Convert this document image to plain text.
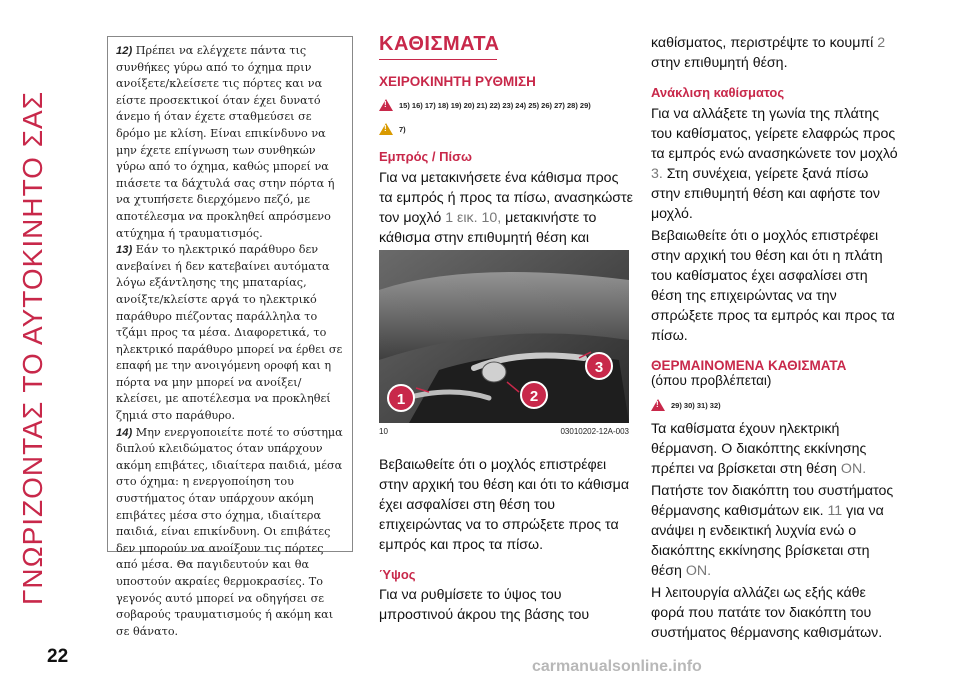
ΓΝΩΡΙΖΟΝΤΑΣ ΤΟ ΑΥΤΟΚΙΝΗΤΟ ΣΑΣ
22	carmanualsonline.info

12) Πρέπει να ελέγχετε πάντα τις συνθήκες γύρω από το όχημα πριν ανοίξετε/κλείσετε τις πόρτες και να είστε προσεκτικοί όταν έχει δυνατό άνεμο ή όταν έχετε σταθμεύσει σε δρόμο με κλίση. Είναι επικίνδυνο να μην έχετε επίγνωση των συνθηκών γύρω από το όχημα, καθώς μπορεί να πιάσετε τα δάχτυλά σας στην πόρτα ή να χτυπήσετε διερχόμενο πεζό, με αποτέλεσμα να προκληθεί απρόσμενο ατύχημα ή τραυματισμός.

13) Εάν το ηλεκτρικό παράθυρο δεν ανεβαίνει ή δεν κατεβαίνει αυτόματα λόγω εξάντλησης της μπαταρίας, ανοίξτε/κλείστε αργά το ηλεκτρικό παράθυρο πιέζοντας παράλληλα το τζάμι προς τα μέσα. Διαφορετικά, το ηλεκτρικό παράθυρο μπορεί να έρθει σε επαφή με την ανοιγόμενη οροφή και η πόρτα να μην μπορεί να ανοίξει/κλείσει, με αποτέλεσμα να προκληθεί ζημιά στο παράθυρο.

14) Μην ενεργοποιείτε ποτέ το σύστημα διπλού κλειδώματος όταν υπάρχουν ακόμη επιβάτες, ιδιαίτερα παιδιά, μέσα στο όχημα: η ενεργοποίηση του συστήματος όταν υπάρχουν ακόμη επιβάτες μέσα στο όχημα, ιδιαίτερα παιδιά, είναι επικίνδυνη. Οι επιβάτες δεν μπορούν να ανοίξουν τις πόρτες από μέσα. Θα παγιδευτούν και θα υποστούν ακραίες θερμοκρασίες. Το γεγονός αυτό μπορεί να οδηγήσει σε σοβαρούς τραυματισμούς ή ακόμη και σε θάνατο.

ΚΑΘΙΣΜΑΤΑ
ΧΕΙΡΟΚΙΝΗΤΗ ΡΥΘΜΙΣΗ
!
15) 16) 17) 18) 19) 20) 21) 22) 23) 24) 25) 26) 27) 28) 29)
!
7)
Εμπρός / Πίσω
Για να μετακινήσετε ένα κάθισμα προς τα εμπρός ή προς τα πίσω, ανασηκώστε τον μοχλό 1 εικ. 10, μετακινήστε το κάθισμα στην επιθυμητή θέση και
1	2
3
10	03010202-12A-003
Βεβαιωθείτε ότι ο μοχλός επιστρέφει στην αρχική του θέση και ότι το κάθισμα έχει ασφαλίσει στη θέση του επιχειρώντας να το σπρώξετε προς τα εμπρός και προς τα πίσω.
Ύψος
Για να ρυθμίσετε το ύψος του μπροστινού άκρου της βάσης του
καθίσματος, περιστρέψτε το κουμπί 2 στην επιθυμητή θέση.
Ανάκλιση καθίσματος
Για να αλλάξετε τη γωνία της πλάτης του καθίσματος, γείρετε ελαφρώς προς τα εμπρός ενώ ανασηκώνετε τον μοχλό 3. Στη συνέχεια, γείρετε ξανά πίσω στην επιθυμητή θέση και αφήστε τον μοχλό.
Βεβαιωθείτε ότι ο μοχλός επιστρέφει στην αρχική του θέση και ότι η πλάτη του καθίσματος έχει ασφαλίσει στη θέση της επιχειρώντας να την σπρώξετε προς τα εμπρός και προς τα πίσω.
ΘΕΡΜΑΙΝΟΜΕΝΑ ΚΑΘΙΣΜΑΤΑ
(όπου προβλέπεται)
!
29) 30) 31) 32)
Τα καθίσματα έχουν ηλεκτρική θέρμανση. Ο διακόπτης εκκίνησης πρέπει να βρίσκεται στη θέση ON.
Πατήστε τον διακόπτη του συστήματος θέρμανσης καθισμάτων εικ. 11 για να ανάψει η ενδεικτική λυχνία ενώ ο διακόπτης εκκίνησης βρίσκεται στη θέση ON.
Η λειτουργία αλλάζει ως εξής κάθε φορά που πατάτε τον διακόπτη του συστήματος θέρμανσης καθισμάτων.
